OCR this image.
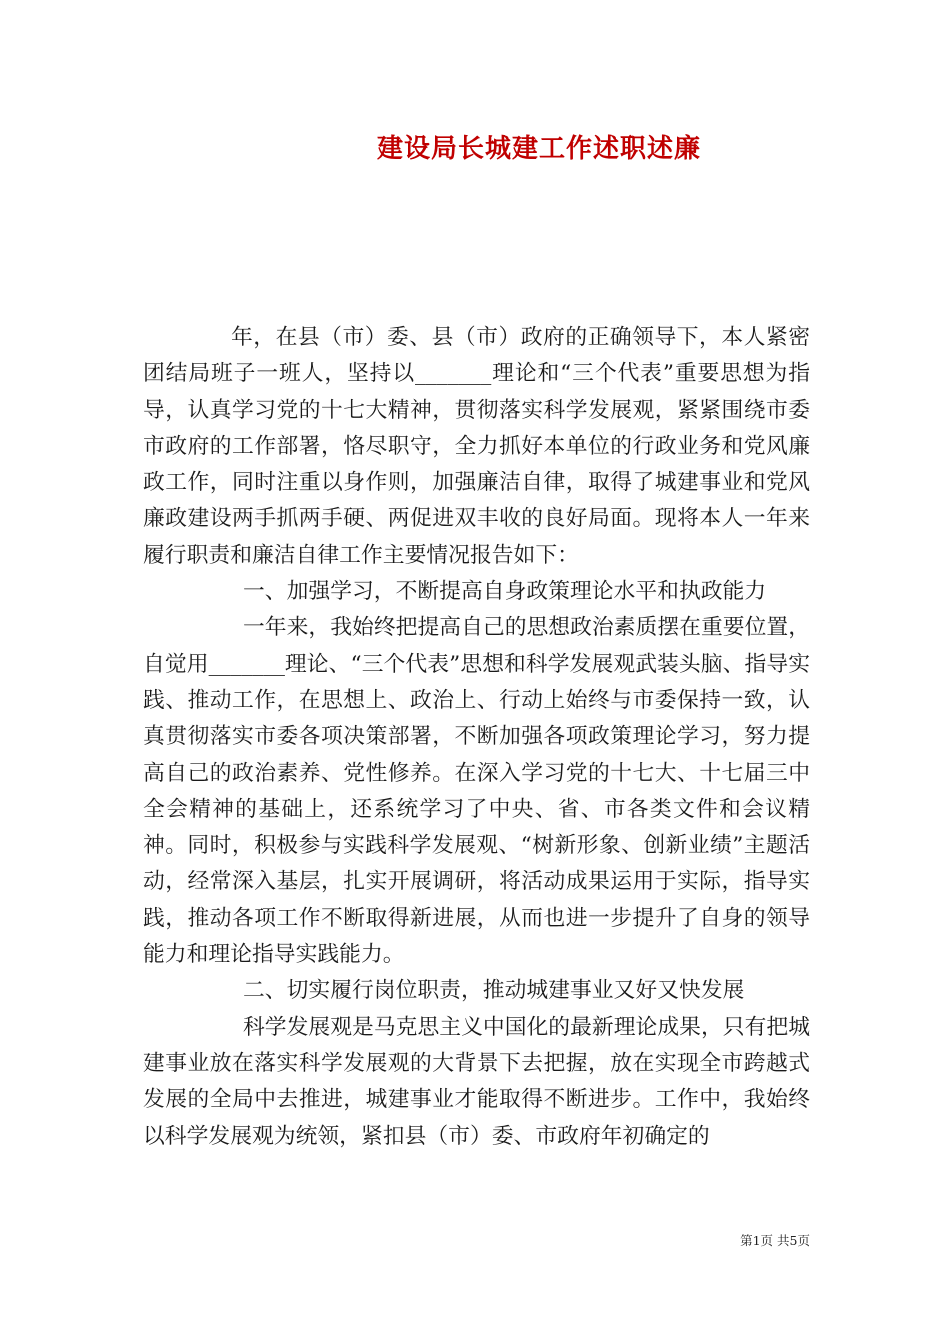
建设局长城建工作述职述廉

年，在县（市）委、县（市）政府的正确领导下，本人紧密团结局班子一班人，坚持以_______理论和“三个代表”重要思想为指导，认真学习党的十七大精神，贯彻落实科学发展观，紧紧围绕市委市政府的工作部署，恪尽职守，全力抓好本单位的行政业务和党风廉政工作，同时注重以身作则，加强廉洁自律，取得了城建事业和党风廉政建设两手抓两手硬、两促进双丰收的良好局面。现将本人一年来履行职责和廉洁自律工作主要情况报告如下：

一、加强学习，不断提高自身政策理论水平和执政能力

一年来，我始终把提高自己的思想政治素质摆在重要位置，自觉用_______理论、“三个代表”思想和科学发展观武装头脑、指导实践、推动工作，在思想上、政治上、行动上始终与市委保持一致，认真贯彻落实市委各项决策部署，不断加强各项政策理论学习，努力提高自己的政治素养、党性修养。在深入学习党的十七大、十七届三中全会精神的基础上，还系统学习了中央、省、市各类文件和会议精神。同时，积极参与实践科学发展观、“树新形象、创新业绩”主题活动，经常深入基层，扎实开展调研，将活动成果运用于实际，指导实践，推动各项工作不断取得新进展，从而也进一步提升了自身的领导能力和理论指导实践能力。

二、切实履行岗位职责，推动城建事业又好又快发展

科学发展观是马克思主义中国化的最新理论成果，只有把城建事业放在落实科学发展观的大背景下去把握，放在实现全市跨越式发展的全局中去推进，城建事业才能取得不断进步。工作中，我始终以科学发展观为统领，紧扣县（市）委、市政府年初确定的

第1页 共5页
